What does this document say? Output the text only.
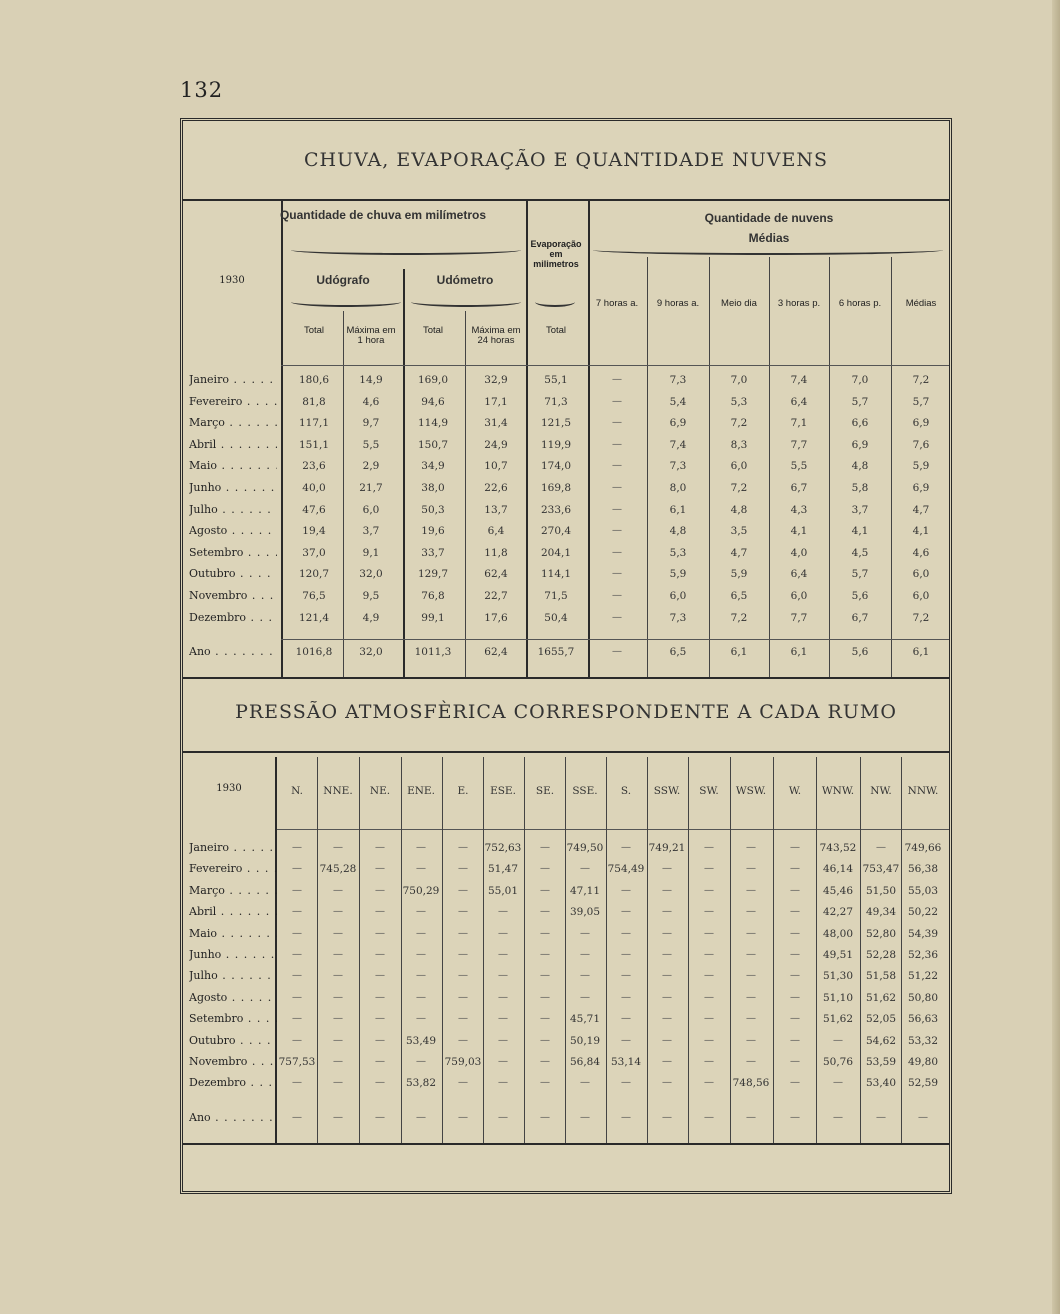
132
CHUVA, EVAPORAÇÃO E QUANTIDADE NUVENS
PRESSÃO ATMOSFÈRICA CORRESPONDENTE A CADA RUMO
Quantidade de chuva em milímetros
Udógrafo	Udómetro
Evaporação em milimetros
Quantidade de nuvens
Médias
1930
Total	Máxima em 1 hora
Total	Máxima em 24 horas
Total
7 horas a.	9 horas a.	Meio dia	3 horas p.	6 horas p.	Médias
Janeiro . . .	180,6	14,9	169,0	32,9	55,1	—	7,3	7,0	7,4	7,0	7,2
Fevereiro . . .	81,8	4,6	94,6	17,1	71,3	—	5,4	5,3	6,4	5,7	5,7
Março . . .	117,1	9,7	114,9	31,4	121,5	—	6,9	7,2	7,1	6,6	6,9
Abril . . .	151,1	5,5	150,7	24,9	119,9	—	7,4	8,3	7,7	6,9	7,6
Maio . . .	23,6	2,9	34,9	10,7	174,0	—	7,3	6,0	5,5	4,8	5,9
Junho . . .	40,0	21,7	38,0	22,6	169,8	—	8,0	7,2	6,7	5,8	6,9
Julho . . .	47,6	6,0	50,3	13,7	233,6	—	6,1	4,8	4,3	3,7	4,7
Agosto . . .	19,4	3,7	19,6	6,4	270,4	—	4,8	3,5	4,1	4,1	4,1
Setembro . . .	37,0	9,1	33,7	11,8	204,1	—	5,3	4,7	4,0	4,5	4,6
Outubro . . .	120,7	32,0	129,7	62,4	114,1	—	5,9	5,9	6,4	5,7	6,0
Novembro . . .	76,5	9,5	76,8	22,7	71,5	—	6,0	6,5	6,0	5,6	6,0
Dezembro . . .	121,4	4,9	99,1	17,6	50,4	—	7,3	7,2	7,7	6,7	7,2
Ano . . .	1016,8	32,0	1011,3	62,4	1655,7	—	6,5	6,1	6,1	5,6	6,1
1930	N. NNE. NE. ENE. E. ESE. SE. SSE. S. SSW. SW. WSW. W. WNW. NW. NNW.
Janeiro . . .	—	—	—	—	— 752,63 — 749,50 — 749,21 —	—	— 743,52 — 749,66
Fevereiro . . .	— 745,28 —	—	— 51,47 —	— 754,49 —	—	—	— 46,14 753,47 56,38
Março . . .	—	—	— 750,29 — 55,01 — 47,11 —	—	—	—	— 45,46 51,50 55,03
Abril . . .	—	—	—	—	—	—	— 39,05 —	—	—	—	— 42,27 49,34 50,22
Maio . . .	—	—	—	—	—	—	—	—	—	—	—	—	— 48,00 52,80 54,39
Junho . . .	—	—	—	—	—	—	—	—	—	—	—	—	— 49,51 52,28 52,36
Julho . . .	—	—	—	—	—	—	—	—	—	—	—	—	— 51,30 51,58 51,22
Agosto . . .	—	—	—	—	—	—	—	—	—	—	—	—	— 51,10 51,62 50,80
Setembro . . .	—	—	—	—	—	—	— 45,71 —	—	—	—	— 51,62 52,05 56,63
Outubro . . .	—	—	— 53,49 —	—	— 50,19 —	—	—	—	—	— 54,62 53,32
Novembro . . .	757,53 —	—	— 759,03 —	— 56,84 53,14 —	—	—	— 50,76 53,59 49,80
Dezembro . . .	—	—	— 53,82 —	—	—	—	—	—	— 748,56 —	— 53,40 52,59
Ano . . .	—	—	—	—	—	—	—	—	—	—	—	—	—	—	—	—
